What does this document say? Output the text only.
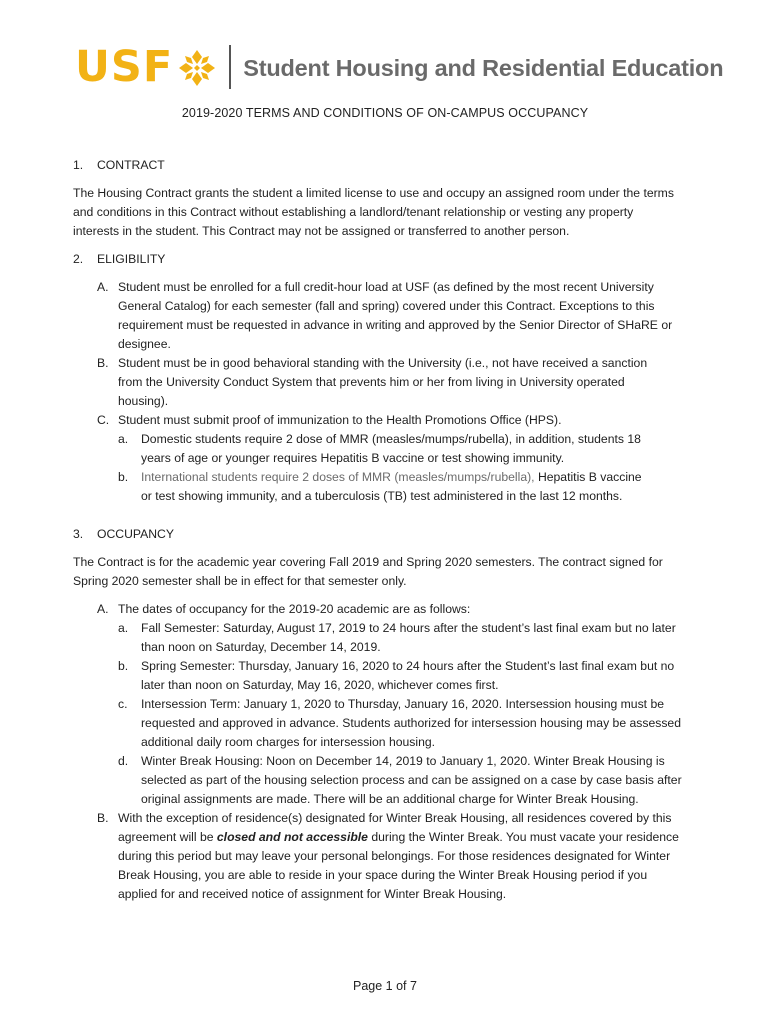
USF	Student Housing and Residential Education
2019-2020 TERMS AND CONDITIONS OF ON-CAMPUS OCCUPANCY
1.	CONTRACT
The Housing Contract grants the student a limited license to use and occupy an assigned room under the terms
and conditions in this Contract without establishing a landlord/tenant relationship or vesting any property
interests in the student. This Contract may not be assigned or transferred to another person.
2.	ELIGIBILITY
A. Student must be enrolled for a full credit-hour load at USF (as defined by the most recent University
General Catalog) for each semester (fall and spring) covered under this Contract. Exceptions to this
requirement must be requested in advance in writing and approved by the Senior Director of SHaRE or
designee.
B. Student must be in good behavioral standing with the University (i.e., not have received a sanction
from the University Conduct System that prevents him or her from living in University operated
housing).
C. Student must submit proof of immunization to the Health Promotions Office (HPS).
a.	Domestic students require 2 dose of MMR (measles/mumps/rubella), in addition, students 18
years of age or younger requires Hepatitis B vaccine or test showing immunity.
b.	International students require 2 doses of MMR (measles/mumps/rubella), Hepatitis B vaccine
or test showing immunity, and a tuberculosis (TB) test administered in the last 12 months.
3.	OCCUPANCY
The Contract is for the academic year covering Fall 2019 and Spring 2020 semesters. The contract signed for
Spring 2020 semester shall be in effect for that semester only.
A. The dates of occupancy for the 2019-20 academic are as follows:
a.	Fall Semester: Saturday, August 17, 2019 to 24 hours after the student’s last final exam but no later
than noon on Saturday, December 14, 2019.
b.	Spring Semester: Thursday, January 16, 2020 to 24 hours after the Student’s last final exam but no
later than noon on Saturday, May 16, 2020, whichever comes first.
c.	Intersession Term: January 1, 2020 to Thursday, January 16, 2020. Intersession housing must be
requested and approved in advance. Students authorized for intersession housing may be assessed
additional daily room charges for intersession housing.
d.	Winter Break Housing: Noon on December 14, 2019 to January 1, 2020. Winter Break Housing is
selected as part of the housing selection process and can be assigned on a case by case basis after
original assignments are made. There will be an additional charge for Winter Break Housing.
B. With the exception of residence(s) designated for Winter Break Housing, all residences covered by this
agreement will be closed and not accessible during the Winter Break. You must vacate your residence
during this period but may leave your personal belongings. For those residences designated for Winter
Break Housing, you are able to reside in your space during the Winter Break Housing period if you
applied for and received notice of assignment for Winter Break Housing.
Page 1 of 7
